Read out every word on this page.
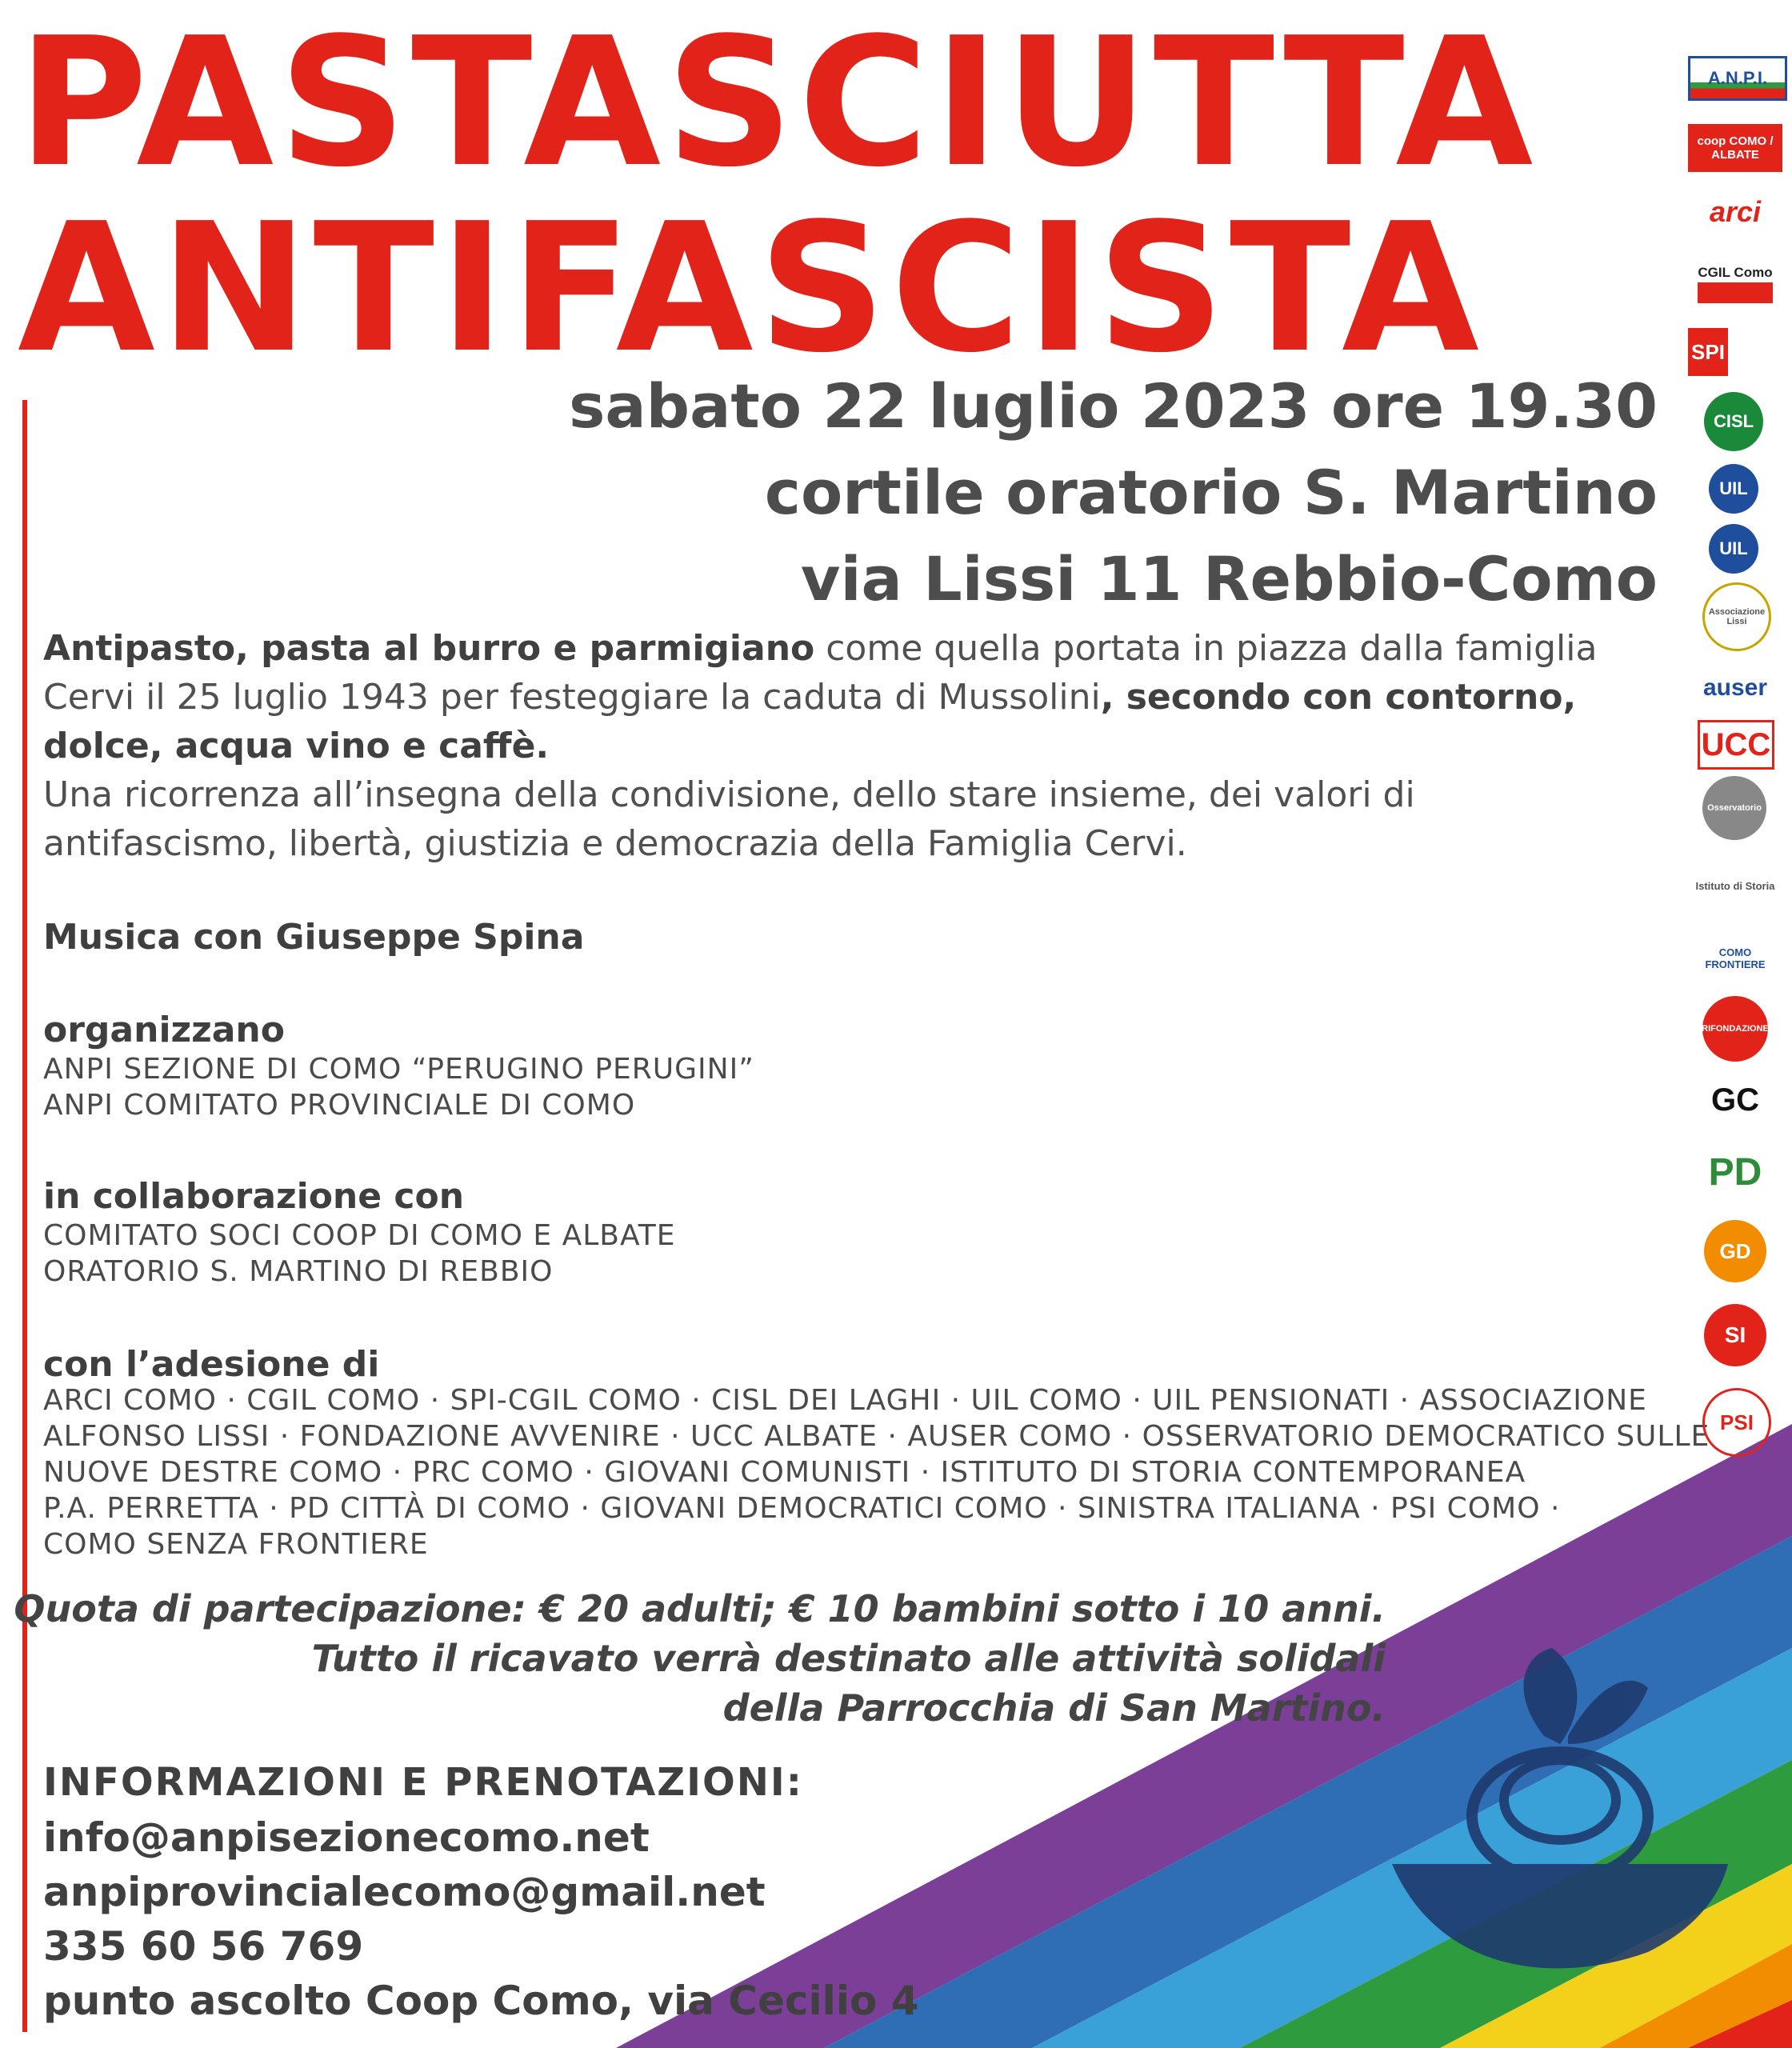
PASTASCIUTTA
ANTIFASCISTA
sabato 22 luglio 2023 ore 19.30
cortile oratorio S. Martino
via Lissi 11 Rebbio-Como
Antipasto, pasta al burro e parmigiano come quella portata in piazza dalla famiglia Cervi il 25 luglio 1943 per festeggiare la caduta di Mussolini, secondo con contorno, dolce, acqua vino e caffè.
Una ricorrenza all’insegna della condivisione, dello stare insieme, dei valori di antifascismo, libertà, giustizia e democrazia della Famiglia Cervi.
Musica con Giuseppe Spina
organizzano
ANPI SEZIONE DI COMO “PERUGINO PERUGINI”
ANPI COMITATO PROVINCIALE DI COMO
in collaborazione con
COMITATO SOCI COOP DI COMO E ALBATE
ORATORIO S. MARTINO DI REBBIO
con l’adesione di
ARCI COMO · CGIL COMO · SPI-CGIL COMO · CISL DEI LAGHI · UIL COMO · UIL PENSIONATI · ASSOCIAZIONE
ALFONSO LISSI · FONDAZIONE AVVENIRE · UCC ALBATE · AUSER COMO · OSSERVATORIO DEMOCRATICO SULLE
NUOVE DESTRE COMO · PRC COMO · GIOVANI COMUNISTI · ISTITUTO DI STORIA CONTEMPORANEA
P.A. PERRETTA · PD CITTÀ DI COMO · GIOVANI DEMOCRATICI COMO · SINISTRA ITALIANA · PSI COMO ·
COMO SENZA FRONTIERE
Quota di partecipazione: € 20 adulti; € 10 bambini sotto i 10 anni.
Tutto il ricavato verrà destinato alle attività solidali
della Parrocchia di San Martino.
INFORMAZIONI E PRENOTAZIONI:
info@anpisezionecomo.net
anpiprovincialecomo@gmail.net
335 60 56 769
punto ascolto Coop Como, via Cecilio 4
A.N.P.I.
coop COMO / ALBATE
arci
CGIL Como
SPI
CISL
UIL
UIL
Associazione Lissi
auser
UCC
Osservatorio
Istituto di Storia
COMO FRONTIERE
RIFONDAZIONE
GC
PD
GD
SI
PSI
